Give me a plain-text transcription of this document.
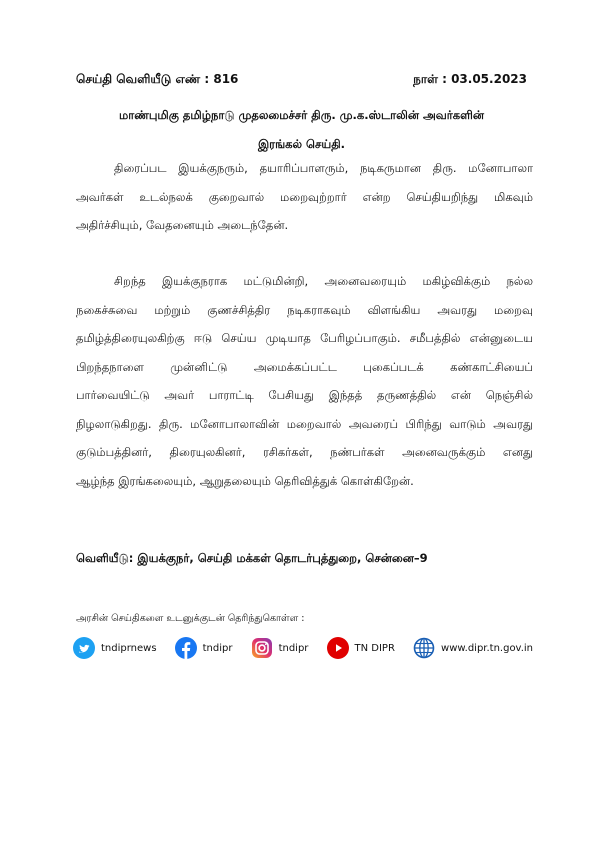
செய்தி வெளியீடு எண் : 816	நாள் : 03.05.2023
மாண்புமிகு தமிழ்நாடு முதலமைச்சர் திரு. மு.க.ஸ்டாலின் அவர்களின்
இரங்கல் செய்தி.
திரைப்பட இயக்குநரும், தயாரிப்பாளரும், நடிகருமான திரு. மனோபாலா
அவர்கள் உடல்நலக் குறைவால் மறைவுற்றார் என்ற செய்தியறிந்து மிகவும்
அதிர்ச்சியும், வேதனையும் அடைந்தேன்.
சிறந்த இயக்குநராக மட்டுமின்றி, அனைவரையும் மகிழ்விக்கும் நல்ல
நகைச்சுவை மற்றும் குணச்சித்திர நடிகராகவும் விளங்கிய அவரது மறைவு
தமிழ்த்திரையுலகிற்கு ஈடு செய்ய முடியாத பேரிழப்பாகும். சமீபத்தில் என்னுடைய
பிறந்தநாளை முன்னிட்டு அமைக்கப்பட்ட புகைப்படக் கண்காட்சியைப்
பார்வையிட்டு அவர் பாராட்டி பேசியது இந்தத் தருணத்தில் என் நெஞ்சில்
நிழலாடுகிறது. திரு. மனோபாலாவின் மறைவால் அவரைப் பிரிந்து வாடும் அவரது
குடும்பத்தினர், திரையுலகினர், ரசிகர்கள், நண்பர்கள் அனைவருக்கும் எனது
ஆழ்ந்த இரங்கலையும், ஆறுதலையும் தெரிவித்துக் கொள்கிறேன்.
வெளியீடு: இயக்குநர், செய்தி மக்கள் தொடர்புத்துறை, சென்னை–9
அரசின் செய்திகளை உடனுக்குடன் தெரிந்துகொள்ள :
tndiprnews	tndipr	tndipr	TN DIPR	www.dipr.tn.gov.in
